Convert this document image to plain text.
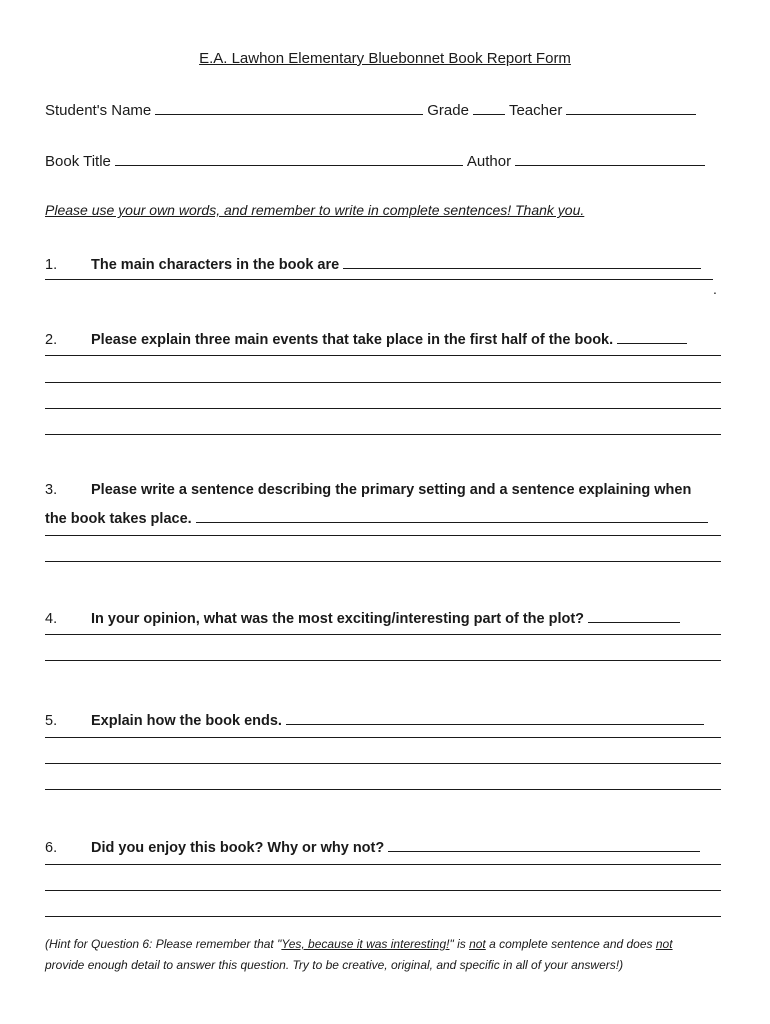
E.A. Lawhon Elementary Bluebonnet Book Report Form
Student's Name	Grade	Teacher
Book Title	Author
Please use your own words, and remember to write in complete sentences! Thank you.
1.	The main characters in the book are
.
2.	Please explain three main events that take place in the first half of the book.
3.	Please write a sentence describing the primary setting and a sentence explaining when
the book takes place.
4.	In your opinion, what was the most exciting/interesting part of the plot?
5.	Explain how the book ends.
6.	Did you enjoy this book? Why or why not?
(Hint for Question 6: Please remember that "Yes, because it was interesting!" is not a complete sentence and does not
provide enough detail to answer this question. Try to be creative, original, and specific in all of your answers!)
